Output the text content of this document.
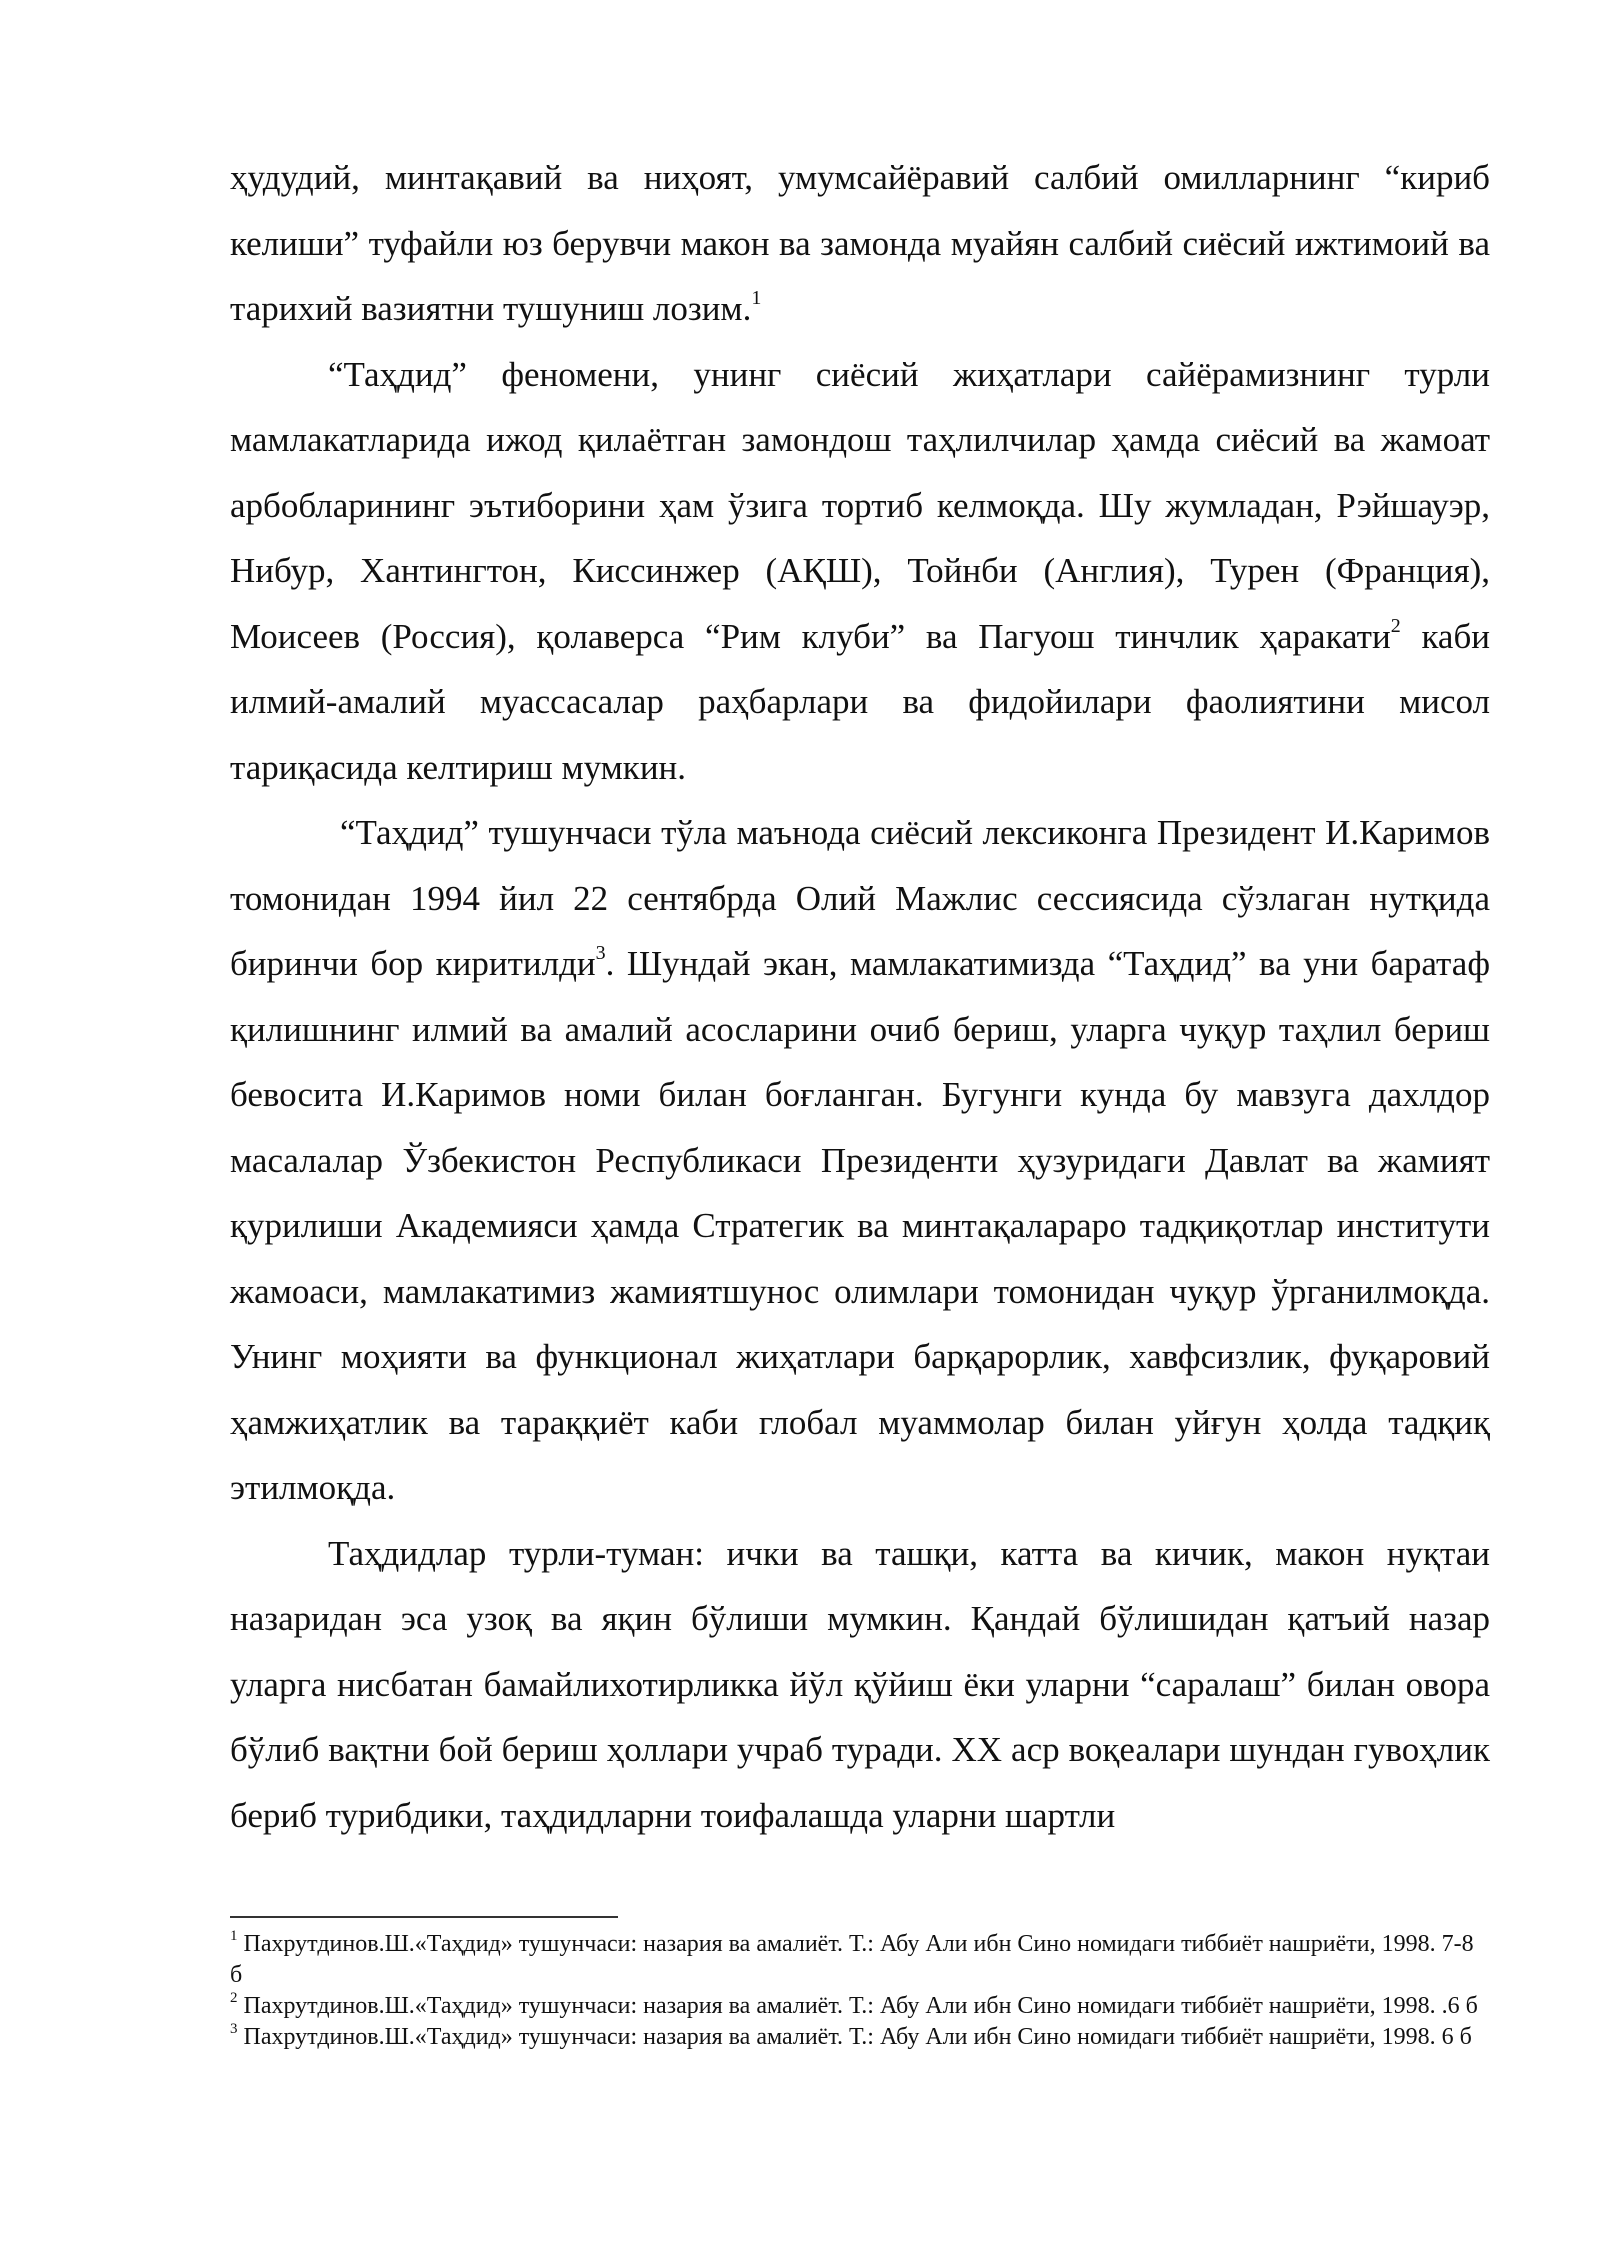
ҳудудий, минтақавий ва ниҳоят, умумсайёравий салбий омилларнинг “кириб келиши” туфайли юз берувчи макон ва замонда муайян салбий сиёсий ижтимоий ва тарихий вазиятни тушуниш лозим.$^1$

“Таҳдид” феномени, унинг сиёсий жиҳатлари сайёрамизнинг турли мамлакатларида ижод қилаётган замондош таҳлилчилар ҳамда сиёсий ва жамоат арбобларининг эътиборини ҳам ўзига тортиб келмоқда. Шу жумладан, Рэйшауэр, Нибур, Хантингтон, Киссинжер (АҚШ), Тойнби (Англия), Турен (Франция), Моисеев (Россия), қолаверса “Рим клуби” ва Пагуош тинчлик ҳаракати$^2$ каби илмий-амалий муассасалар раҳбарлари ва фидойилари фаолиятини мисол тариқасида келтириш мумкин.

“Таҳдид” тушунчаси тўла маънода сиёсий лексиконга Президент И.Каримов томонидан 1994 йил 22 сентябрда Олий Мажлис сессиясида сўзлаган нутқида биринчи бор киритилди$^3$. Шундай экан, мамлакатимизда “Таҳдид” ва уни баратаф қилишнинг илмий ва амалий асосларини очиб бериш, уларга чуқур таҳлил бериш бевосита И.Каримов номи билан боғланган. Бугунги кунда бу мавзуга дахлдор масалалар Ўзбекистон Республикаси Президенти ҳузуридаги Давлат ва жамият қурилиши Академияси ҳамда Стратегик ва минтақалараро тадқиқотлар институти жамоаси, мамлакатимиз жамиятшунос олимлари томонидан чуқур ўрганилмоқда. Унинг моҳияти ва функционал жиҳатлари барқарорлик, хавфсизлик, фуқаровий ҳамжиҳатлик ва тараққиёт каби глобал муаммолар билан уйғун ҳолда тадқиқ этилмоқда.

Таҳдидлар турли-туман: ички ва ташқи, катта ва кичик, макон нуқтаи назаридан эса узоқ ва яқин бўлиши мумкин. Қандай бўлишидан қатъий назар уларга нисбатан бамайлихотирликка йўл қўйиш ёки уларни “саралаш” билан овора бўлиб вақтни бой бериш ҳоллари учраб туради. XX аср воқеалари шундан гувоҳлик бериб турибдики, таҳдидларни тоифалашда уларни шартли

$^1$ Пахрутдинов.Ш.«Таҳдид» тушунчаси: назария ва амалиёт. Т.: Абу Али ибн Сино номидаги тиббиёт нашриёти, 1998. 7-8 б

$^2$ Пахрутдинов.Ш.«Таҳдид» тушунчаси: назария ва амалиёт. Т.: Абу Али ибн Сино номидаги тиббиёт нашриёти, 1998. .6 б

$^3$ Пахрутдинов.Ш.«Таҳдид» тушунчаси: назария ва амалиёт. Т.: Абу Али ибн Сино номидаги тиббиёт нашриёти, 1998. 6 б
